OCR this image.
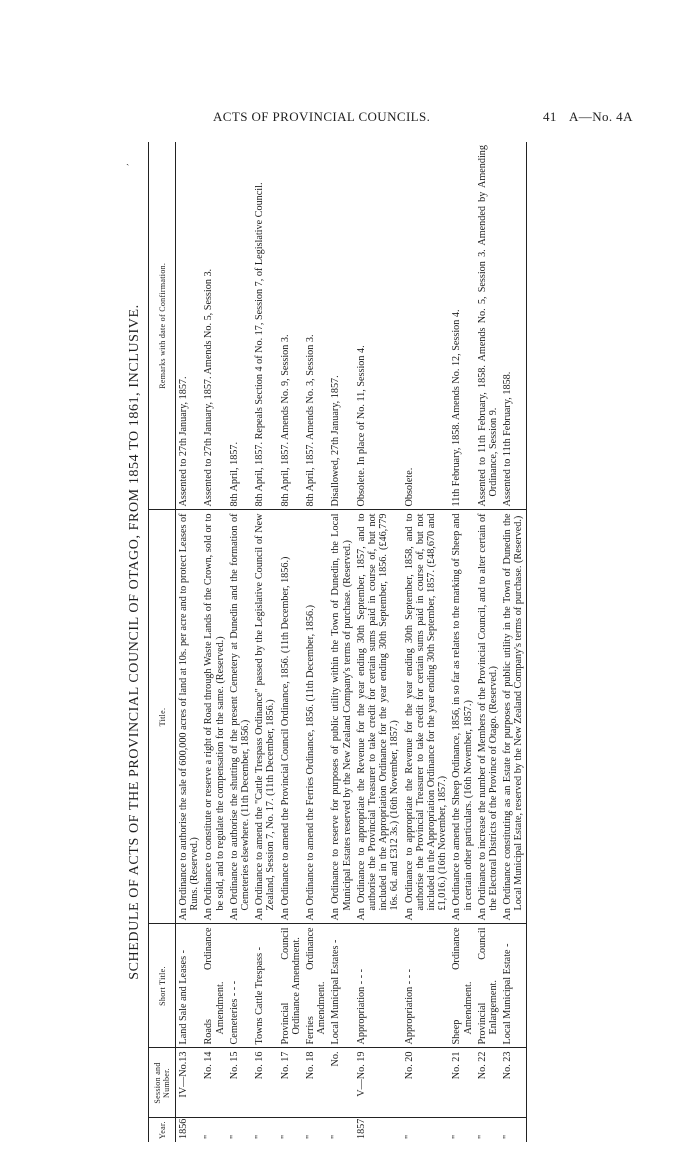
ACTS OF PROVINCIAL COUNCILS.	41 A—No. 4A
ˏ
SCHEDULE OF ACTS OF THE PROVINCIAL COUNCIL OF OTAGO, FROM 1854 TO 1861, INCLUSIVE.
Year.	Session and Number.	Short Title.	Title.	Remarks with date of Confirmation.
1856	IV—No.13	Land Sale and Leases -	An Ordinance to authorise the sale of 600,000 acres of land at 10s. per acre and to protect Leases of Runs. (Reserved.)	Assented to 27th January, 1857.

"	No. 14	Roads Ordinance Amendment.	An Ordinance to constitute or reserve a right of Road through Waste Lands of the Crown, sold or to be sold, and to regulate the compensation for the same. (Reserved.)	Assented to 27th January, 1857. Amends No. 5, Session 3.

"	No. 15	Cemeteries - - -	An Ordinance to authorise the shutting of the present Cemetery at Dunedin and the formation of Cemeteries elsewhere. (11th December, 1856.)	8th April, 1857.

"	No. 16	Towns Cattle Trespass -	An Ordinance to amend the "Cattle Trespass Ordinance" passed by the Legislative Council of New Zealand, Session 7, No. 17. (11th December, 1856.)	8th April, 1857. Repeals Section 4 of No. 17, Session 7, of Legislative Council.

"	No. 17	Provincial Council Ordinance Amendment.	An Ordinance to amend the Provincial Council Ordinance, 1856. (11th December, 1856.)	8th April, 1857. Amends No. 9, Session 3.

"	No. 18	Ferries Ordinance Amendment.	An Ordinance to amend the Ferries Ordinance, 1856. (11th December, 1856.)	8th April, 1857. Amends No. 3, Session 3.

"	No.	Local Municipal Estates -	An Ordinance to reserve for purposes of public utility within the Town of Dunedin, the Local Municipal Estates reserved by the New Zealand Company's terms of purchase. (Reserved.)	Disallowed, 27th January, 1857.

1857	V—No. 19	Appropriation - - -	An Ordinance to appropriate the Revenue for the year ending 30th September, 1857, and to authorise the Provincial Treasurer to take credit for certain sums paid in course of, but not included in the Appropriation Ordinance for the year ending 30th September, 1856. (£46,779 16s. 6d. and £312 3s.) (16th November, 1857.)	Obsolete. In place of No. 11, Session 4.

"	No. 20	Appropriation - - -	An Ordinance to appropriate the Revenue for the year ending 30th September, 1858, and to authorise the Provincial Treasurer to take credit for certain sums paid in course of, but not included in the Appropriation Ordinance for the year ending 30th September, 1857. (£48,670 and £1,016.) (16th November, 1857.)	Obsolete.

"	No. 21	Sheep Ordinance Amendment.	An Ordinance to amend the Sheep Ordinance, 1856, in so far as relates to the marking of Sheep and in certain other particulars. (16th November, 1857.)	11th February, 1858. Amends No. 12, Session 4.

"	No. 22	Provincial Council Enlargement.	An Ordinance to increase the number of Members of the Provincial Council, and to alter certain of the Electoral Districts of the Province of Otago. (Reserved.)	Assented to 11th February, 1858. Amends No. 5, Session 3. Amended by Amending Ordinance, Session 9.

"	No. 23	Local Municipal Estate -	An Ordinance constituting as an Estate for purposes of public utility in the Town of Dunedin the Local Municipal Estate, reserved by the New Zealand Company's terms of purchase. (Reserved.)	Assented to 11th February, 1858.
